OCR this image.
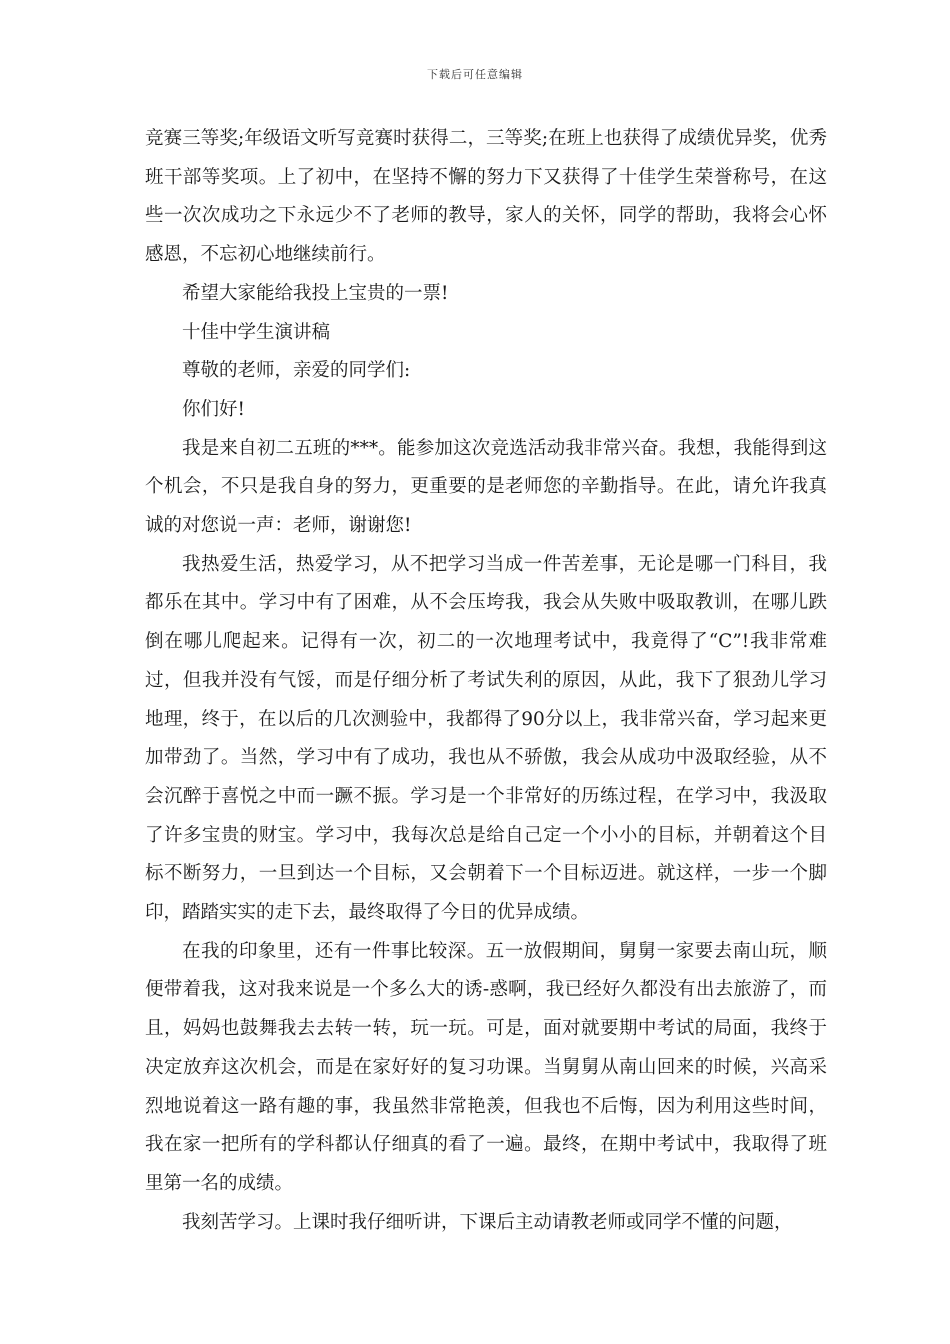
下载后可任意编辑

竞赛三等奖;年级语文听写竞赛时获得二，三等奖;在班上也获得了成绩优异奖，优秀班干部等奖项。上了初中，在坚持不懈的努力下又获得了十佳学生荣誉称号，在这些一次次成功之下永远少不了老师的教导，家人的关怀，同学的帮助，我将会心怀感恩，不忘初心地继续前行。

希望大家能给我投上宝贵的一票!

十佳中学生演讲稿

尊敬的老师，亲爱的同学们:

你们好!

我是来自初二五班的***。能参加这次竞选活动我非常兴奋。我想，我能得到这个机会，不只是我自身的努力，更重要的是老师您的辛勤指导。在此，请允许我真诚的对您说一声：老师，谢谢您!

我热爱生活，热爱学习，从不把学习当成一件苦差事，无论是哪一门科目，我都乐在其中。学习中有了困难，从不会压垮我，我会从失败中吸取教训，在哪儿跌倒在哪儿爬起来。记得有一次，初二的一次地理考试中，我竟得了“C”!我非常难过，但我并没有气馁，而是仔细分析了考试失利的原因，从此，我下了狠劲儿学习地理，终于，在以后的几次测验中，我都得了90分以上，我非常兴奋，学习起来更加带劲了。当然，学习中有了成功，我也从不骄傲，我会从成功中汲取经验，从不会沉醉于喜悦之中而一蹶不振。学习是一个非常好的历练过程，在学习中，我汲取了许多宝贵的财宝。学习中，我每次总是给自己定一个小小的目标，并朝着这个目标不断努力，一旦到达一个目标，又会朝着下一个目标迈进。就这样，一步一个脚印，踏踏实实的走下去，最终取得了今日的优异成绩。

在我的印象里，还有一件事比较深。五一放假期间，舅舅一家要去南山玩，顺便带着我，这对我来说是一个多么大的诱-惑啊，我已经好久都没有出去旅游了，而且，妈妈也鼓舞我去去转一转，玩一玩。可是，面对就要期中考试的局面，我终于决定放弃这次机会，而是在家好好的复习功课。当舅舅从南山回来的时候，兴高采烈地说着这一路有趣的事，我虽然非常艳羡，但我也不后悔，因为利用这些时间，我在家一把所有的学科都认仔细真的看了一遍。最终，在期中考试中，我取得了班里第一名的成绩。

我刻苦学习。上课时我仔细听讲，下课后主动请教老师或同学不懂的问题，
